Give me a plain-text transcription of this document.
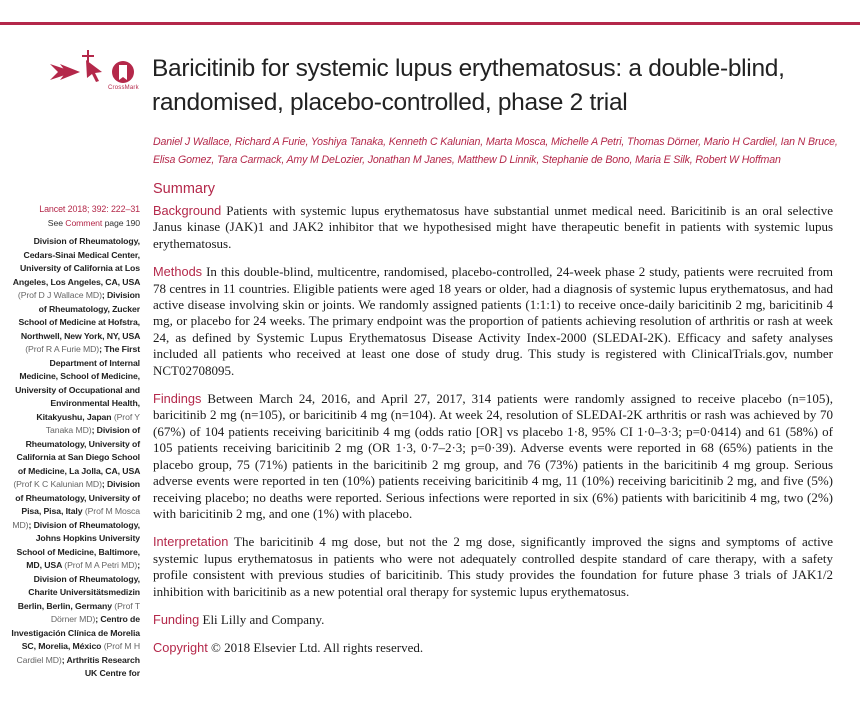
CrossMark
Baricitinib for systemic lupus erythematosus: a double-blind, randomised, placebo-controlled, phase 2 trial

Daniel J Wallace, Richard A Furie, Yoshiya Tanaka, Kenneth C Kalunian, Marta Mosca, Michelle A Petri, Thomas Dörner, Mario H Cardiel, Ian N Bruce, Elisa Gomez, Tara Carmack, Amy M DeLozier, Jonathan M Janes, Matthew D Linnik, Stephanie de Bono, Maria E Silk, Robert W Hoffman

Summary
Lancet 2018; 392: 222–31
See Comment page 190
Division of Rheumatology, Cedars-Sinai Medical Center, University of California at Los Angeles, Los Angeles, CA, USA (Prof D J Wallace MD); Division of Rheumatology, Zucker School of Medicine at Hofstra, Northwell, New York, NY, USA (Prof R A Furie MD); The First Department of Internal Medicine, School of Medicine, University of Occupational and Environmental Health, Kitakyushu, Japan (Prof Y Tanaka MD); Division of Rheumatology, University of California at San Diego School of Medicine, La Jolla, CA, USA (Prof K C Kalunian MD); Division of Rheumatology, University of Pisa, Pisa, Italy (Prof M Mosca MD); Division of Rheumatology, Johns Hopkins University School of Medicine, Baltimore, MD, USA (Prof M A Petri MD); Division of Rheumatology, Charite Universitätsmedizin Berlin, Berlin, Germany (Prof T Dörner MD); Centro de Investigación Clínica de Morelia SC, Morelia, México (Prof M H Cardiel MD); Arthritis Research UK Centre for

Background Patients with systemic lupus erythematosus have substantial unmet medical need. Baricitinib is an oral selective Janus kinase (JAK)1 and JAK2 inhibitor that we hypothesised might have therapeutic benefit in patients with systemic lupus erythematosus.

Methods In this double-blind, multicentre, randomised, placebo-controlled, 24-week phase 2 study, patients were recruited from 78 centres in 11 countries. Eligible patients were aged 18 years or older, had a diagnosis of systemic lupus erythematosus, and had active disease involving skin or joints. We randomly assigned patients (1:1:1) to receive once-daily baricitinib 2 mg, baricitinib 4 mg, or placebo for 24 weeks. The primary endpoint was the proportion of patients achieving resolution of arthritis or rash at week 24, as defined by Systemic Lupus Erythematosus Disease Activity Index-2000 (SLEDAI-2K). Efficacy and safety analyses included all patients who received at least one dose of study drug. This study is registered with ClinicalTrials.gov, number NCT02708095.

Findings Between March 24, 2016, and April 27, 2017, 314 patients were randomly assigned to receive placebo (n=105), baricitinib 2 mg (n=105), or baricitinib 4 mg (n=104). At week 24, resolution of SLEDAI-2K arthritis or rash was achieved by 70 (67%) of 104 patients receiving baricitinib 4 mg (odds ratio [OR] vs placebo 1·8, 95% CI 1·0–3·3; p=0·0414) and 61 (58%) of 105 patients receiving baricitinib 2 mg (OR 1·3, 0·7–2·3; p=0·39). Adverse events were reported in 68 (65%) patients in the placebo group, 75 (71%) patients in the baricitinib 2 mg group, and 76 (73%) patients in the baricitinib 4 mg group. Serious adverse events were reported in ten (10%) patients receiving baricitinib 4 mg, 11 (10%) receiving baricitinib 2 mg, and five (5%) receiving placebo; no deaths were reported. Serious infections were reported in six (6%) patients with baricitinib 4 mg, two (2%) with baricitinib 2 mg, and one (1%) with placebo.

Interpretation The baricitinib 4 mg dose, but not the 2 mg dose, significantly improved the signs and symptoms of active systemic lupus erythematosus in patients who were not adequately controlled despite standard of care therapy, with a safety profile consistent with previous studies of baricitinib. This study provides the foundation for future phase 3 trials of JAK1/2 inhibition with baricitinib as a new potential oral therapy for systemic lupus erythematosus.

Funding Eli Lilly and Company.

Copyright © 2018 Elsevier Ltd. All rights reserved.
